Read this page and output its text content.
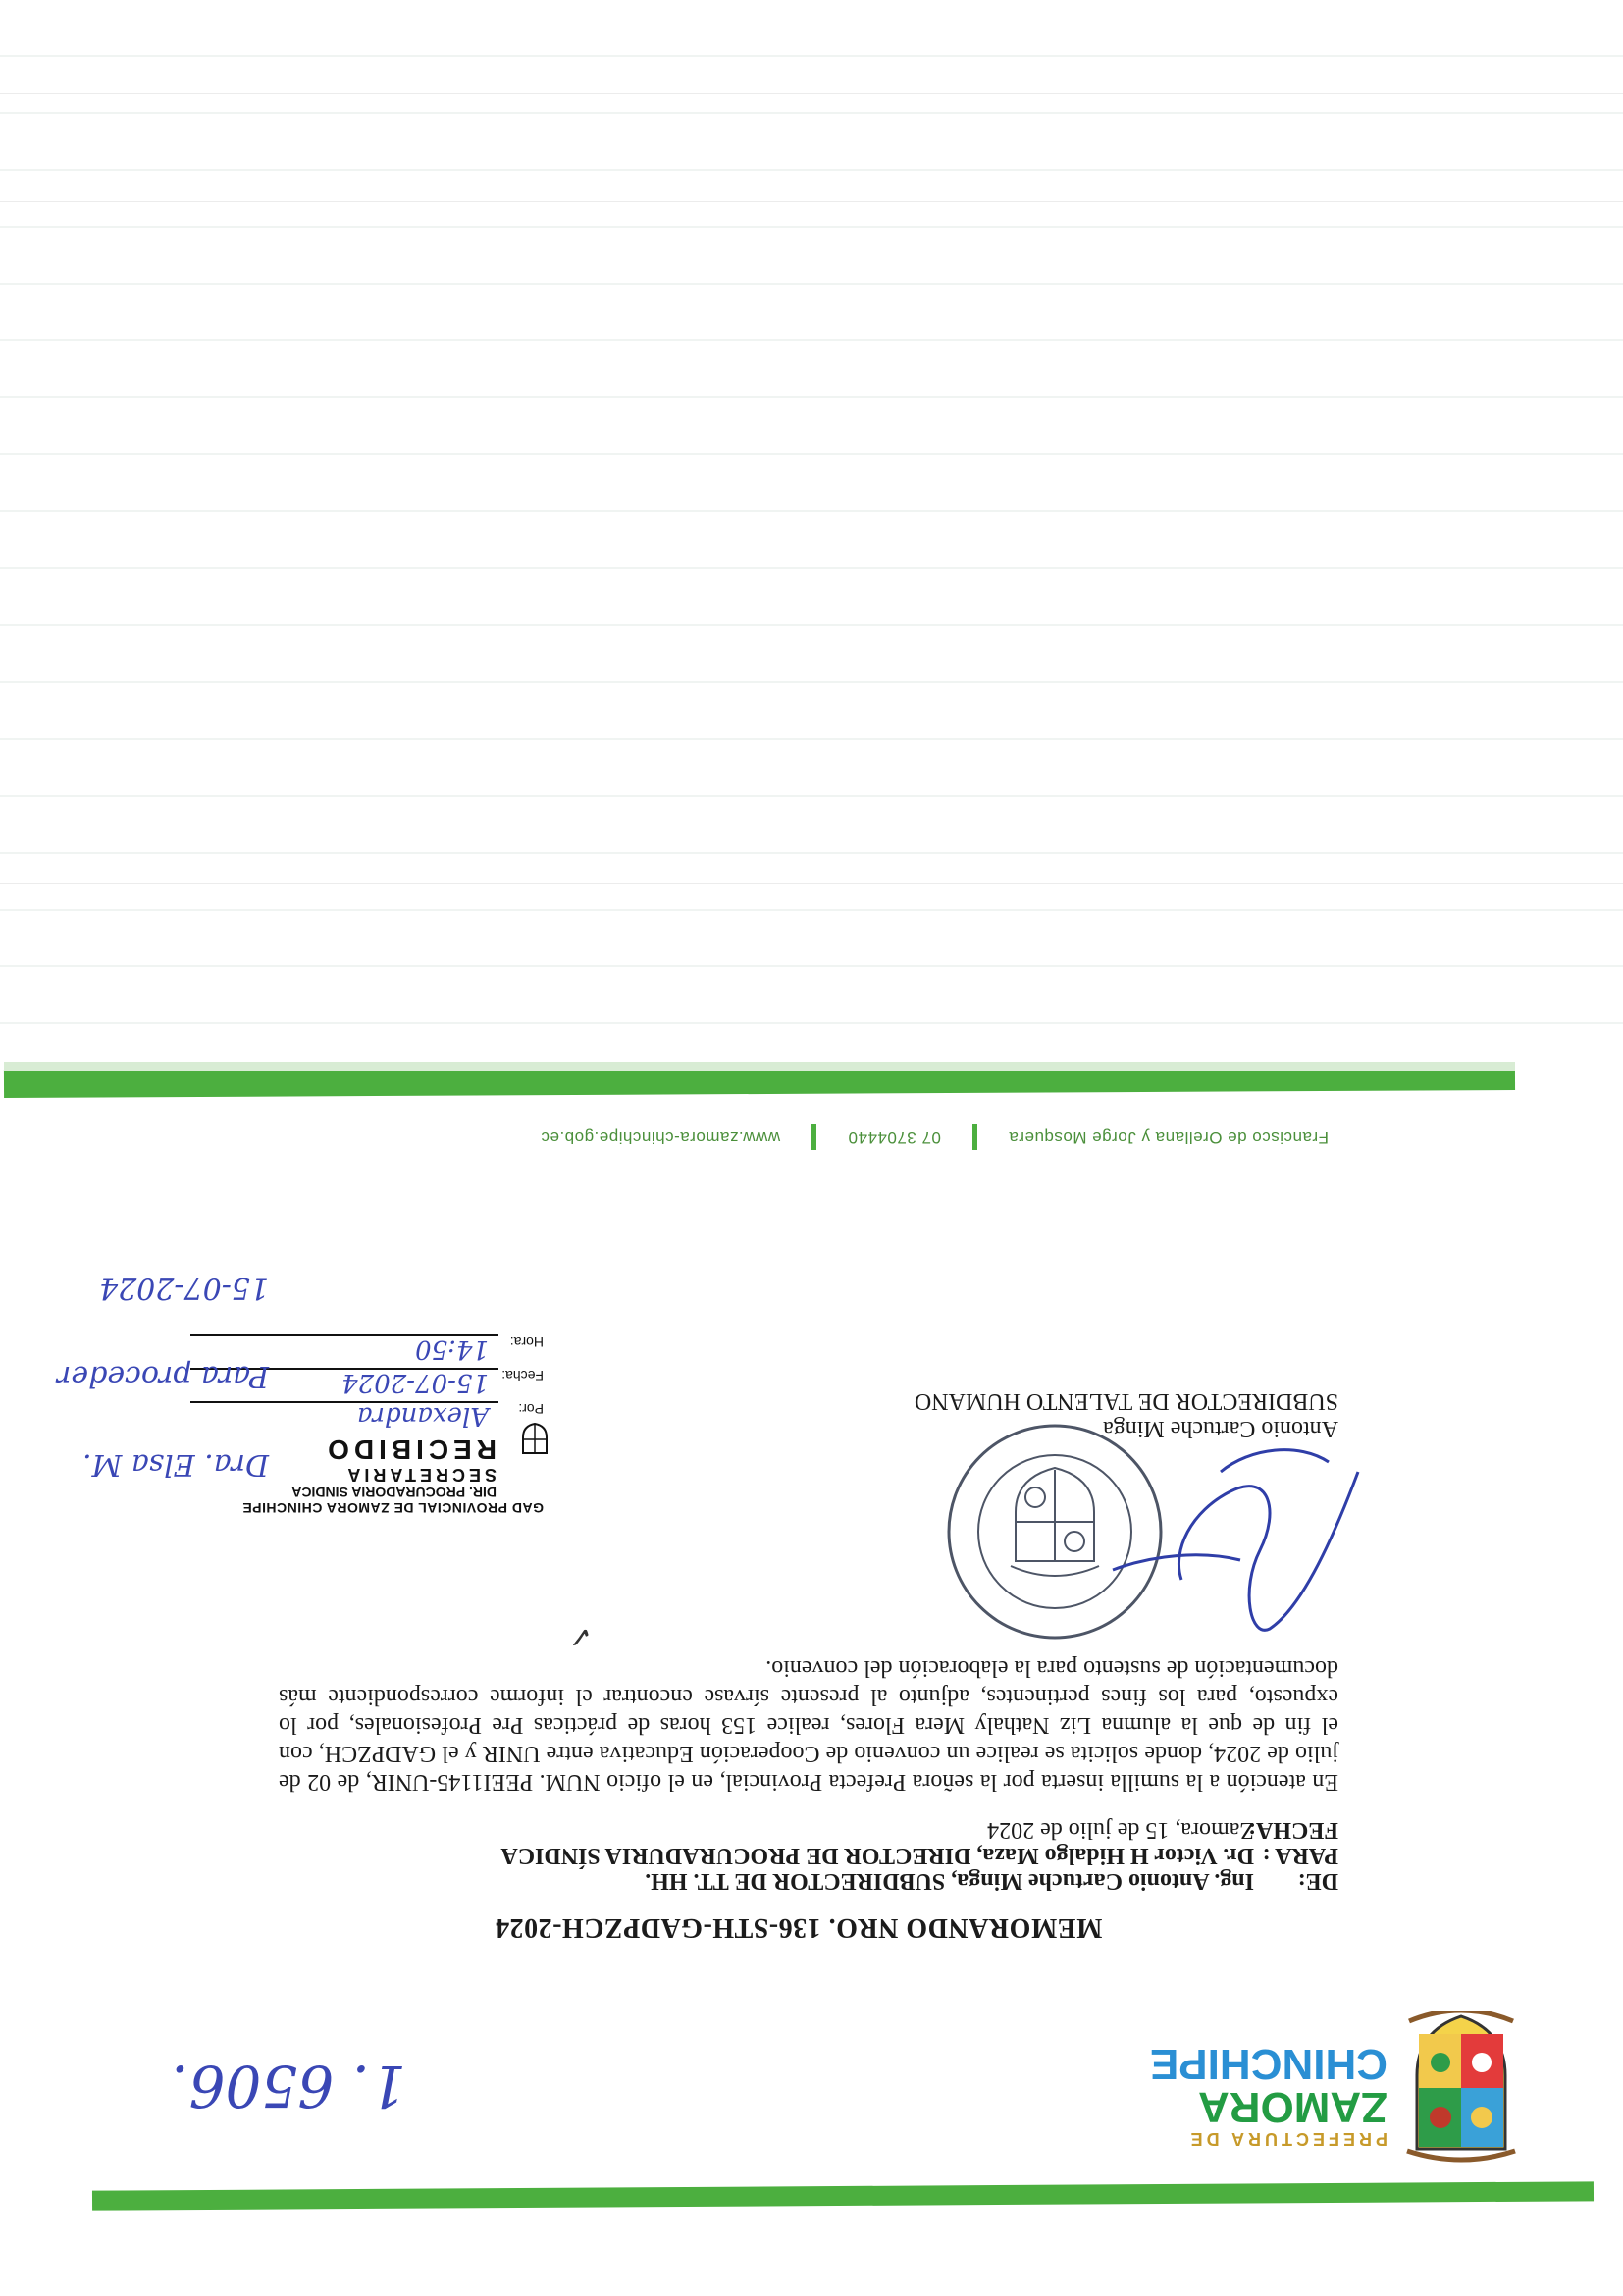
PREFECTURA DE
ZAMORA
CHINCHIPE
1. 6506.
MEMORANDO NRO. 136-STH-GADPZCH-2024
DE:
Ing. Antonio Cartuche Minga, SUBDIRECTOR DE TT. HH.
PARA :
Dr. Victor H Hidalgo Maza, DIRECTOR DE PROCURADURIA SÍNDICA
FECHA:
Zamora, 15 de julio de 2024

En atención a la sumilla inserta por la señora Prefecta Provincial, en el oficio NUM. PEEI1145-UNIR, de 02 de julio de 2024, donde solicita se realice un convenio de Cooperación Educativa entre UNIR y el GADPZCH, con el fin de que la alumna Liz Nathaly Mera Flores, realice 153 horas de prácticas Pre Profesionales, por lo expuesto, para los fines pertinentes, adjunto al presente sírvase encontrar el informe correspondiente más documentación de sustento para la elaboración del convenio.

✓
Antonio Cartuche Minga
SUBDIRECTOR DE TALENTO HUMANO
GAD PROVINCIAL DE ZAMORA CHINCHIPE
DIR. PROCURADORIA SINDICA
SECRETARIA
RECIBIDO
Por:
Alexandra
Fecha:
15-07-2024
Hora:
14:50
Dra. Elsa M.
Para proceder
15-07-2024
Francisco de Orellana y Jorge Mosquera
07 3704440
www.zamora-chinchipe.gob.ec
